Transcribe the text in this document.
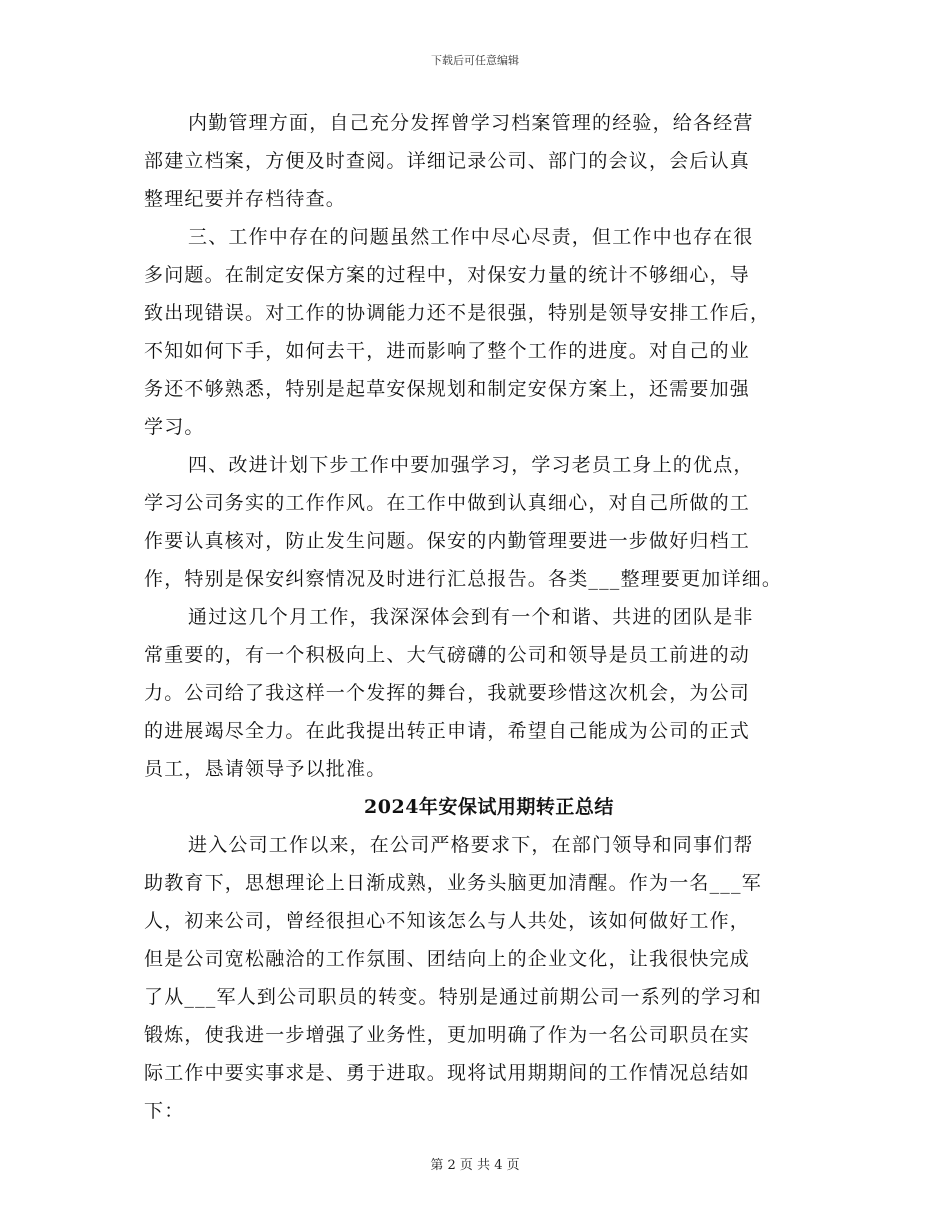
下载后可任意编辑

内勤管理方面，自己充分发挥曾学习档案管理的经验，给各经营
部建立档案，方便及时查阅。详细记录公司、部门的会议，会后认真
整理纪要并存档待查。

三、工作中存在的问题虽然工作中尽心尽责，但工作中也存在很
多问题。在制定安保方案的过程中，对保安力量的统计不够细心，导
致出现错误。对工作的协调能力还不是很强，特别是领导安排工作后，
不知如何下手，如何去干，进而影响了整个工作的进度。对自己的业
务还不够熟悉，特别是起草安保规划和制定安保方案上，还需要加强
学习。

四、改进计划下步工作中要加强学习，学习老员工身上的优点，
学习公司务实的工作作风。在工作中做到认真细心，对自己所做的工
作要认真核对，防止发生问题。保安的内勤管理要进一步做好归档工
作，特别是保安纠察情况及时进行汇总报告。各类___整理要更加详细。

通过这几个月工作，我深深体会到有一个和谐、共进的团队是非
常重要的，有一个积极向上、大气磅礴的公司和领导是员工前进的动
力。公司给了我这样一个发挥的舞台，我就要珍惜这次机会，为公司
的进展竭尽全力。在此我提出转正申请，希望自己能成为公司的正式
员工，恳请领导予以批准。

2024年安保试用期转正总结

进入公司工作以来，在公司严格要求下，在部门领导和同事们帮
助教育下，思想理论上日渐成熟，业务头脑更加清醒。作为一名___军
人，初来公司，曾经很担心不知该怎么与人共处，该如何做好工作，
但是公司宽松融洽的工作氛围、团结向上的企业文化，让我很快完成
了从___军人到公司职员的转变。特别是通过前期公司一系列的学习和
锻炼，使我进一步增强了业务性，更加明确了作为一名公司职员在实
际工作中要实事求是、勇于进取。现将试用期期间的工作情况总结如
下：

第 2 页 共 4 页
